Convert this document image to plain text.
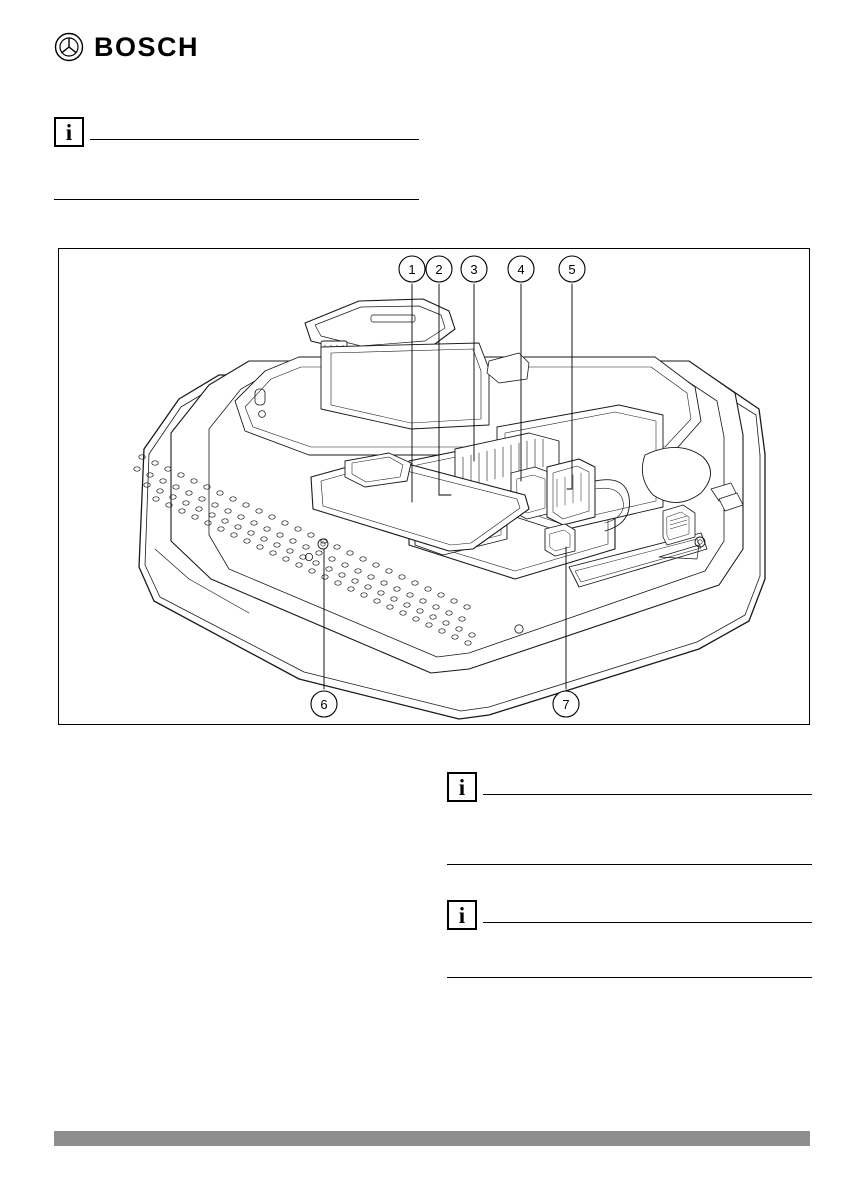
BOSCH
i
1 2 3	4	5
6	7
i
i
